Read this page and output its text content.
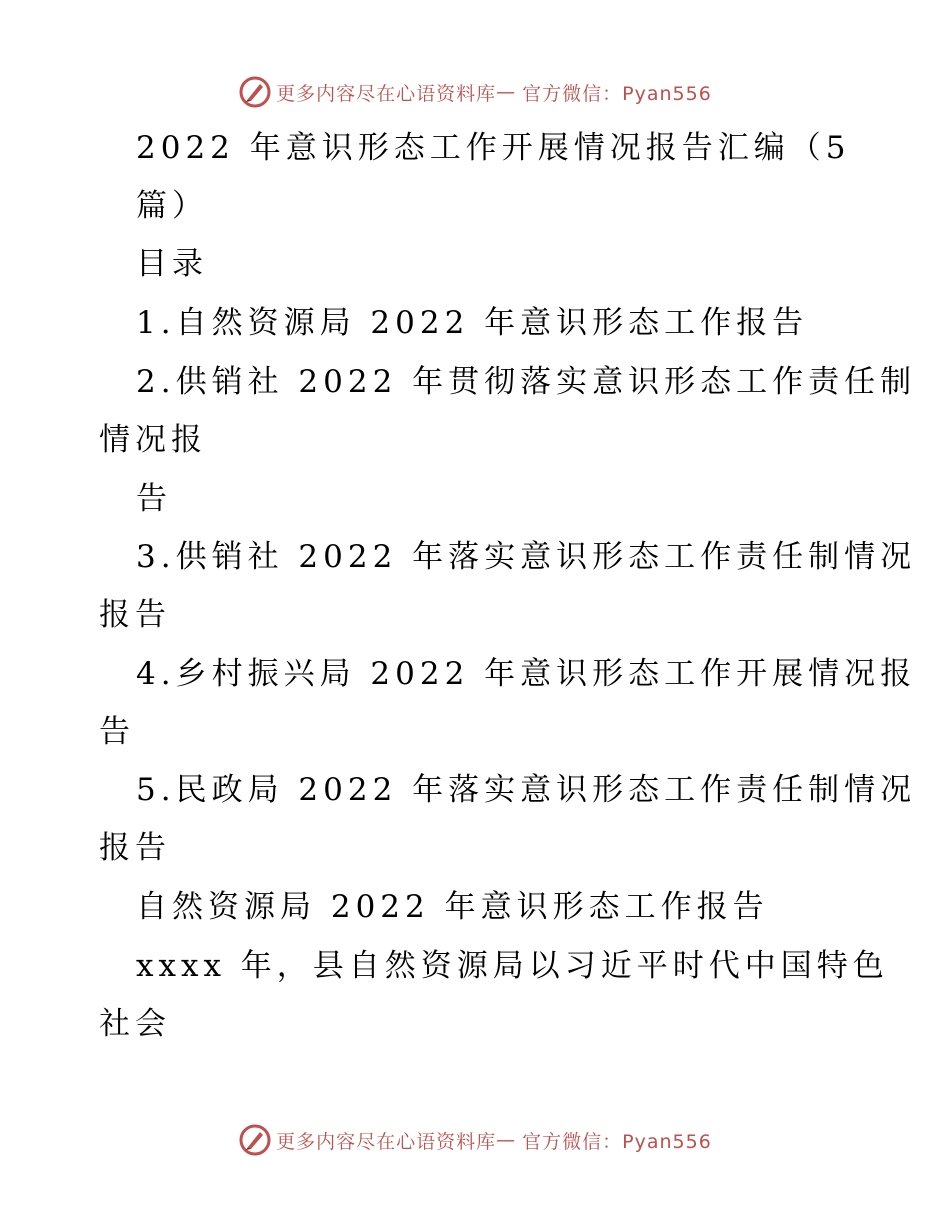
更多内容尽在心语资料库 — 官方微信：Pyan556
2022 年意识形态工作开展情况报告汇编（5
篇）
目录
1.自然资源局 2022 年意识形态工作报告
2.供销社 2022 年贯彻落实意识形态工作责任制
情况报
告
3.供销社 2022 年落实意识形态工作责任制情况
报告
4.乡村振兴局 2022 年意识形态工作开展情况报
告
5.民政局 2022 年落实意识形态工作责任制情况
报告
自然资源局 2022 年意识形态工作报告
xxxx 年，县自然资源局以习近平时代中国特色
社会
更多内容尽在心语资料库 — 官方微信：Pyan556
